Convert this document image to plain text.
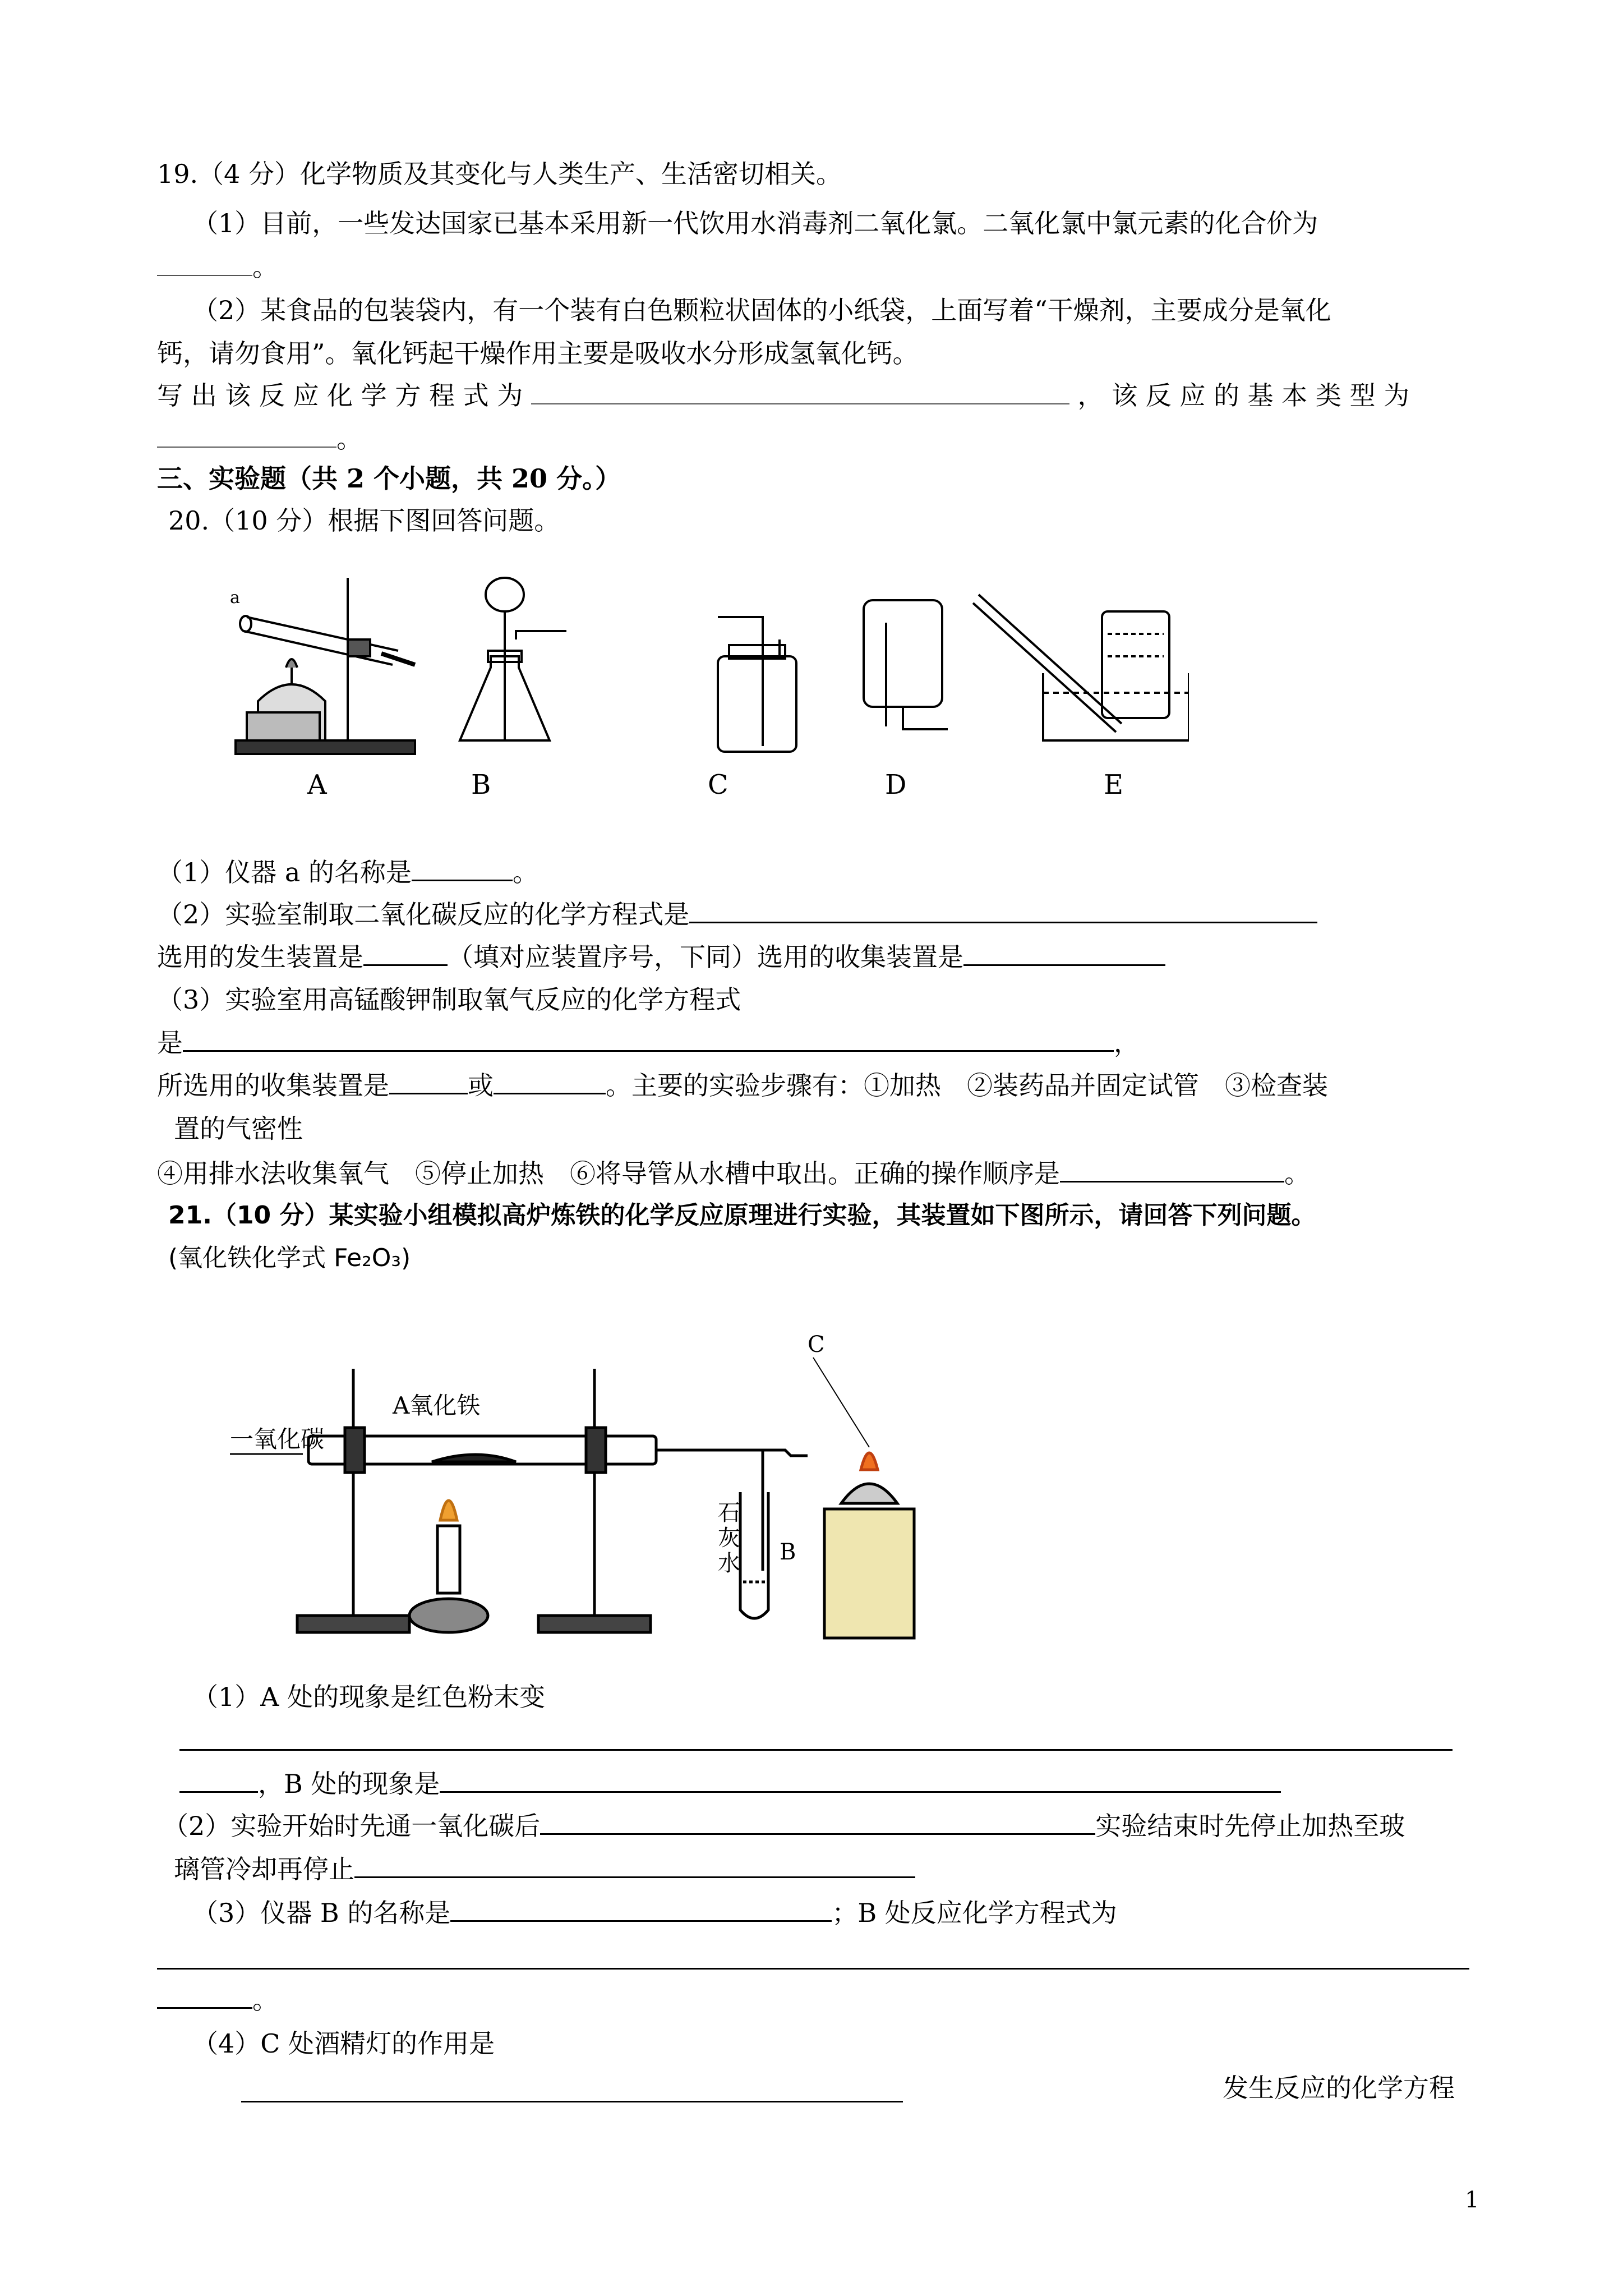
19.（4 分）化学物质及其变化与人类生产、生活密切相关。
（1）目前，一些发达国家已基本采用新一代饮用水消毒剂二氧化氯。二氧化氯中氯元素的化合价为
。
（2）某食品的包装袋内，有一个装有白色颗粒状固体的小纸袋，上面写着“干燥剂，主要成分是氧化
钙，请勿食用”。氧化钙起干燥作用主要是吸收水分形成氢氧化钙。
写 出 该 反 应 化 学 方 程 式 为	， 该 反 应 的 基 本 类 型 为
。
三、实验题（共 2 个小题，共 20 分。）
20.（10 分）根据下图回答问题。
a
A	B	C	D	E
（1）仪器 a 的名称是	。
（2）实验室制取二氧化碳反应的化学方程式是
选用的发生装置是	（填对应装置序号，下同）选用的收集装置是
（3）实验室用高锰酸钾制取氧气反应的化学方程式
是	，
所选用的收集装置是	或	。主要的实验步骤有：①加热　②装药品并固定试管　③检查装
置的气密性
④用排水法收集氧气　⑤停止加热　⑥将导管从水槽中取出。正确的操作顺序是	。
21.（10 分）某实验小组模拟高炉炼铁的化学反应原理进行实验，其装置如下图所示，请回答下列问题。
(氧化铁化学式 Fe₂O₃)
一氧化碳
A氧化铁
C
B
石
灰
水
（1）A 处的现象是红色粉末变
，B 处的现象是
（2）实验开始时先通一氧化碳后	实验结束时先停止加热至玻
璃管冷却再停止
（3）仪器 B 的名称是	；B 处反应化学方程式为
。
（4）C 处酒精灯的作用是
发生反应的化学方程
1
